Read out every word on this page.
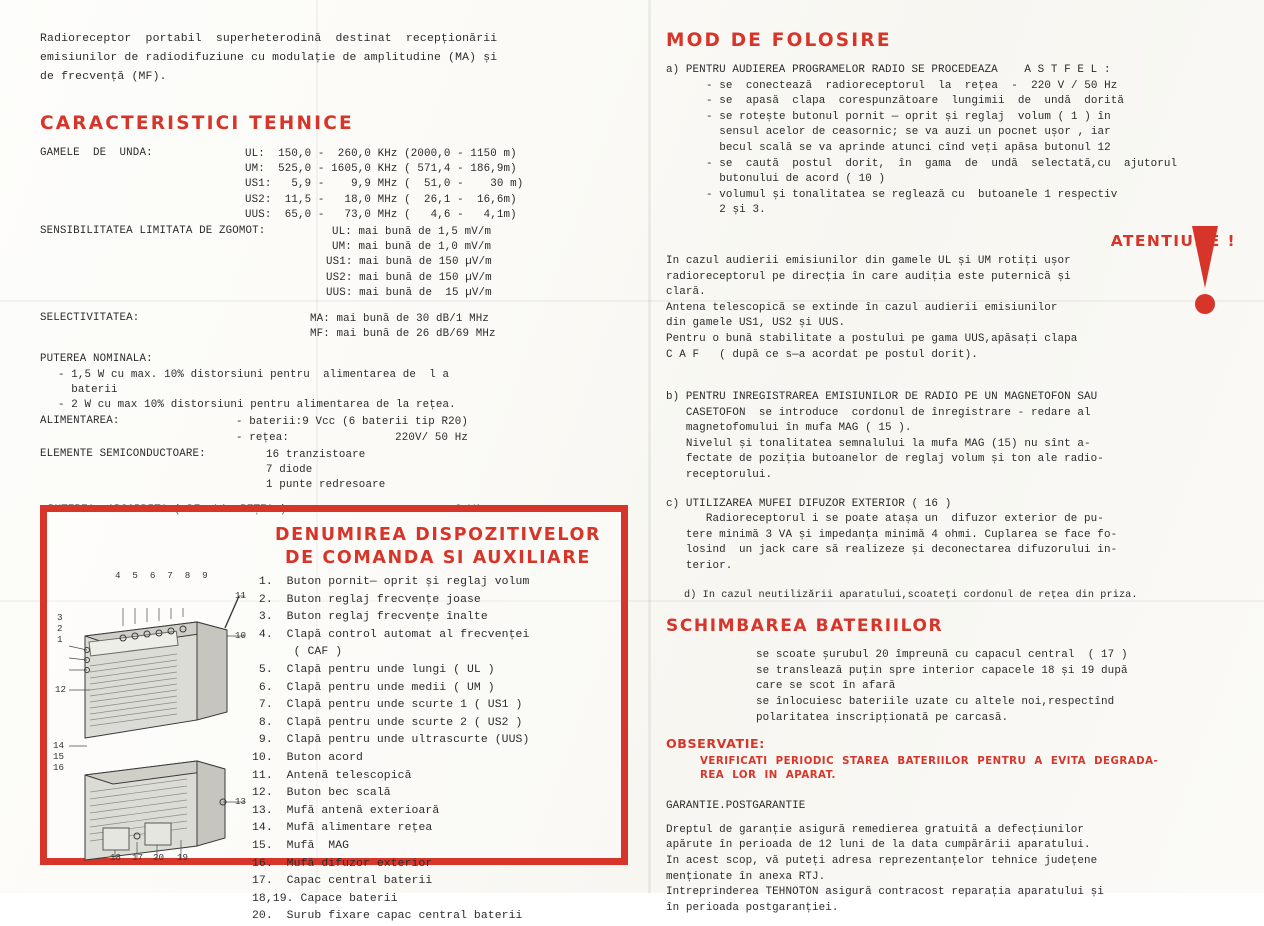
Radioreceptor  portabil  superheterodină  destinat  recepționării
emisiunilor de radiodifuziune cu modulație de amplitudine (MA) și
de frecvență (MF).
CARACTERISTICI TEHNICE
GAMELE  DE  UNDA:	UL:  150,0 -  260,0 KHz (2000,0 - 1150 m)
UM:  525,0 - 1605,0 KHz ( 571,4 - 186,9m)
US1:   5,9 -    9,9 MHz (  51,0 -    30 m)
US2:  11,5 -   18,0 MHz (  26,1 -  16,6m)
UUS:  65,0 -   73,0 MHz (   4,6 -   4,1m)
SENSIBILITATEA LIMITATA DE ZGOMOT:	UL: mai bună de 1,5 mV/m
UM: mai bună de 1,0 mV/m
US1: mai bună de 150 µV/m
US2: mai bună de 150 µV/m
UUS: mai bună de  15 µV/m
SELECTIVITATEA:	MA: mai bună de 30 dB/1 MHz
MF: mai bună de 26 dB/69 MHz
PUTEREA NOMINALA:
- 1,5 W cu max. 10% distorsiuni pentru  alimentarea de  l a
baterii
- 2 W cu max 10% distorsiuni pentru alimentarea de la rețea.
ALIMENTAREA:	- baterii:9 Vcc (6 baterii tip R20)
- rețea:                220V/ 50 Hz
ELEMENTE SEMICONDUCTOARE:	16 tranzistoare
7 diode
1 punte redresoare
PUTEREA  ABSORBITA ( DE  LA  REȚEA )	max. 8 VA
DENUMIREA DISPOZITIVELOR
DE COMANDA SI AUXILIARE
1.  Buton pornit— oprit și reglaj volum
2.  Buton reglaj frecvențe joase
3.  Buton reglaj frecvențe înalte
4.  Clapă control automat al frecvenței
( CAF )
5.  Clapă pentru unde lungi ( UL )
6.  Clapă pentru unde medii ( UM )
7.  Clapă pentru unde scurte 1 ( US1 )
8.  Clapă pentru unde scurte 2 ( US2 )
9.  Clapă pentru unde ultrascurte (UUS)
10.  Buton acord
11.  Antenă telescopică
12.  Buton bec scală
13.  Mufă antenă exterioară
14.  Mufă alimentare rețea
15.  Mufă  MAG
16.  Mufă difuzor exterior
17.  Capac central baterii
18,19. Capace baterii
20.  Surub fixare capac central baterii
4 5 6 7 8 9
3
2
1
12
14
15
16
11
10
13
18 17 20 19
MOD DE FOLOSIRE
a) PENTRU AUDIEREA PROGRAMELOR RADIO SE PROCEDEAZA    A S T F E L :
- se  conectează  radioreceptorul  la  rețea  -  220 V / 50 Hz
- se  apasă  clapa  corespunzătoare  lungimii  de  undă  dorită
- se rotește butonul pornit — oprit și reglaj  volum ( 1 ) în
sensul acelor de ceasornic; se va auzi un pocnet ușor , iar
becul scală se va aprinde atunci cînd veți apăsa butonul 12
- se  caută  postul  dorit,  în  gama  de  undă  selectată,cu  ajutorul
butonului de acord ( 10 )
- volumul și tonalitatea se reglează cu  butoanele 1 respectiv
2 și 3.
ATENTIUNE !
In cazul audierii emisiunilor din gamele UL și UM rotiți ușor
radioreceptorul pe direcția în care audiția este puternică și
clară.
Antena telescopică se extinde în cazul audierii emisiunilor
din gamele US1, US2 și UUS.
Pentru o bună stabilitate a postului pe gama UUS,apăsați clapa
C A F   ( după ce s—a acordat pe postul dorit).
b) PENTRU INREGISTRAREA EMISIUNILOR DE RADIO PE UN MAGNETOFON SAU
CASETOFON  se introduce  cordonul de înregistrare - redare al
magnetofomului în mufa MAG ( 15 ).
Nivelul și tonalitatea semnalului la mufa MAG (15) nu sînt a-
fectate de poziția butoanelor de reglaj volum și ton ale radio-
receptorului.
c) UTILIZAREA MUFEI DIFUZOR EXTERIOR ( 16 )
Radioreceptorul i se poate atașa un  difuzor exterior de pu-
tere minimă 3 VA și impedanța minimă 4 ohmi. Cuplarea se face fo-
losind  un jack care să realizeze și deconectarea difuzorului in-
terior.
d) In cazul neutilizării aparatului,scoateți cordonul de rețea din priza.
SCHIMBAREA BATERIILOR
se scoate șurubul 20 împreună cu capacul central  ( 17 )
se translează puțin spre interior capacele 18 și 19 după
care se scot în afară
se înlocuiesc bateriile uzate cu altele noi,respectînd
polaritatea inscripționată pe carcasă.
OBSERVATIE:
VERIFICATI  PERIODIC  STAREA  BATERIILOR  PENTRU  A  EVITA  DEGRADA-
REA  LOR  IN  APARAT.
GARANTIE.POSTGARANTIE
Dreptul de garanție asigură remedierea gratuită a defecțiunilor
apărute în perioada de 12 luni de la data cumpărării aparatului.
In acest scop, vă puteți adresa reprezentanțelor tehnice județene
menționate în anexa RTJ.
Intreprinderea TEHNOTON asigură contracost reparația aparatului și
în perioada postgaranției.
